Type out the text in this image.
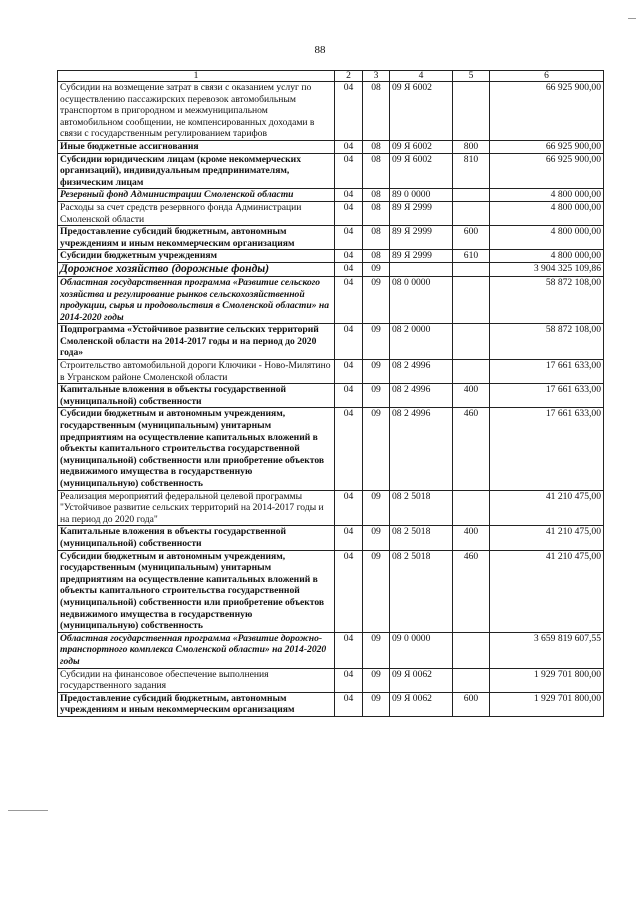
88
1	2	3	4	5	6
Субсидии на возмещение затрат в связи с оказанием услуг по осуществлению пассажирских перевозок автомобильным транспортом в пригородном и межмуниципальном автомобильном сообщении, не компенсированных доходами в связи с государственным регулированием тарифов	04	08	09 Я 6002		66 925 900,00
Иные бюджетные ассигнования	04	08	09 Я 6002	800	66 925 900,00
Субсидии юридическим лицам (кроме некоммерческих организаций), индивидуальным предпринимателям, физическим лицам	04	08	09 Я 6002	810	66 925 900,00
Резервный фонд Администрации Смоленской области	04	08	89 0 0000		4 800 000,00
Расходы за счет средств резервного фонда Администрации Смоленской области	04	08	89 Я 2999		4 800 000,00
Предоставление субсидий бюджетным, автономным учреждениям и иным некоммерческим организациям	04	08	89 Я 2999	600	4 800 000,00
Субсидии бюджетным учреждениям	04	08	89 Я 2999	610	4 800 000,00
Дорожное хозяйство (дорожные фонды)	04	09			3 904 325 109,86
Областная государственная программа «Развитие сельского хозяйства и регулирование рынков сельскохозяйственной продукции, сырья и продовольствия в Смоленской области» на 2014-2020 годы	04	09	08 0 0000		58 872 108,00
Подпрограмма «Устойчивое развитие сельских территорий Смоленской области на 2014-2017 годы и на период до 2020 года»	04	09	08 2 0000		58 872 108,00
Строительство автомобильной дороги Ключики - Ново-Милятино в Угранском районе Смоленской области	04	09	08 2 4996		17 661 633,00
Капитальные вложения в объекты государственной (муниципальной) собственности	04	09	08 2 4996	400	17 661 633,00
Субсидии бюджетным и автономным учреждениям, государственным (муниципальным) унитарным предприятиям на осуществление капитальных вложений в объекты капитального строительства государственной (муниципальной) собственности или приобретение объектов недвижимого имущества в государственную (муниципальную) собственность	04	09	08 2 4996	460	17 661 633,00
Реализация мероприятий федеральной целевой программы "Устойчивое развитие сельских территорий на 2014-2017 годы и на период до 2020 года"	04	09	08 2 5018		41 210 475,00
Капитальные вложения в объекты государственной (муниципальной) собственности	04	09	08 2 5018	400	41 210 475,00
Субсидии бюджетным и автономным учреждениям, государственным (муниципальным) унитарным предприятиям на осуществление капитальных вложений в объекты капитального строительства государственной (муниципальной) собственности или приобретение объектов недвижимого имущества в государственную (муниципальную) собственность	04	09	08 2 5018	460	41 210 475,00
Областная государственная программа «Развитие дорожно-транспортного комплекса Смоленской области» на 2014-2020 годы	04	09	09 0 0000		3 659 819 607,55
Субсидии на финансовое обеспечение выполнения государственного задания	04	09	09 Я 0062		1 929 701 800,00
Предоставление субсидий бюджетным, автономным учреждениям и иным некоммерческим организациям	04	09	09 Я 0062	600	1 929 701 800,00
